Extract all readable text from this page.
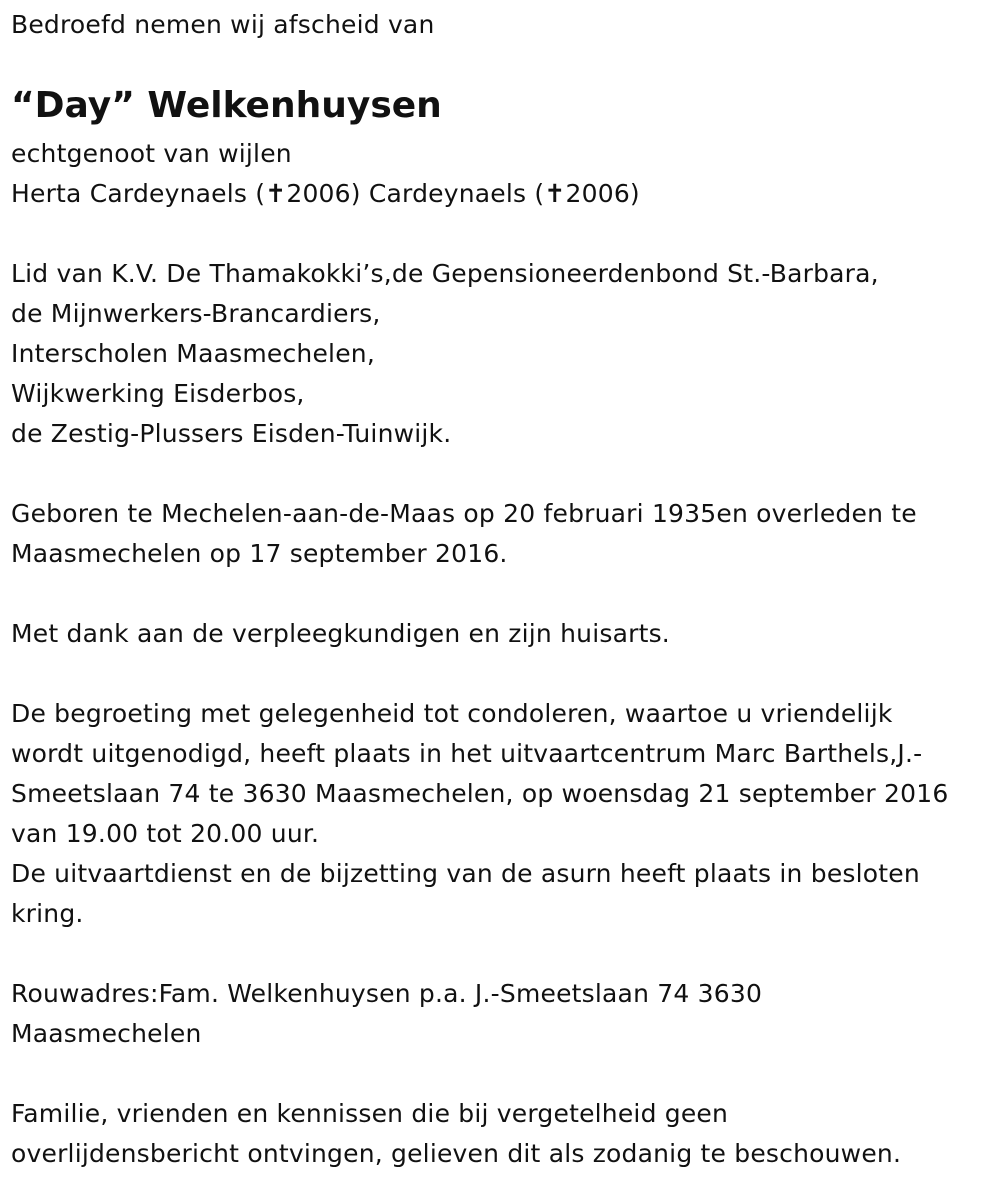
Bedroefd nemen wij afscheid van
“Day” Welkenhuysen
echtgenoot van wijlen
Herta Cardeynaels (✝2006) Cardeynaels (✝2006)
Lid van K.V. De Thamakokki’s,de Gepensioneerdenbond St.-Barbara,
de Mijnwerkers-Brancardiers,
Interscholen Maasmechelen,
Wijkwerking Eisderbos,
de Zestig-Plussers Eisden-Tuinwijk.
Geboren te Mechelen-aan-de-Maas op 20 februari 1935en overleden te
Maasmechelen op 17 september 2016.
Met dank aan de verpleegkundigen en zijn huisarts.
De begroeting met gelegenheid tot condoleren, waartoe u vriendelijk
wordt uitgenodigd, heeft plaats in het uitvaartcentrum Marc Barthels,J.-
Smeetslaan 74 te 3630 Maasmechelen, op woensdag 21 september 2016
van 19.00 tot 20.00 uur.
De uitvaartdienst en de bijzetting van de asurn heeft plaats in besloten
kring.
Rouwadres:Fam. Welkenhuysen p.a. J.-Smeetslaan 74 3630
Maasmechelen
Familie, vrienden en kennissen die bij vergetelheid geen
overlijdensbericht ontvingen, gelieven dit als zodanig te beschouwen.
